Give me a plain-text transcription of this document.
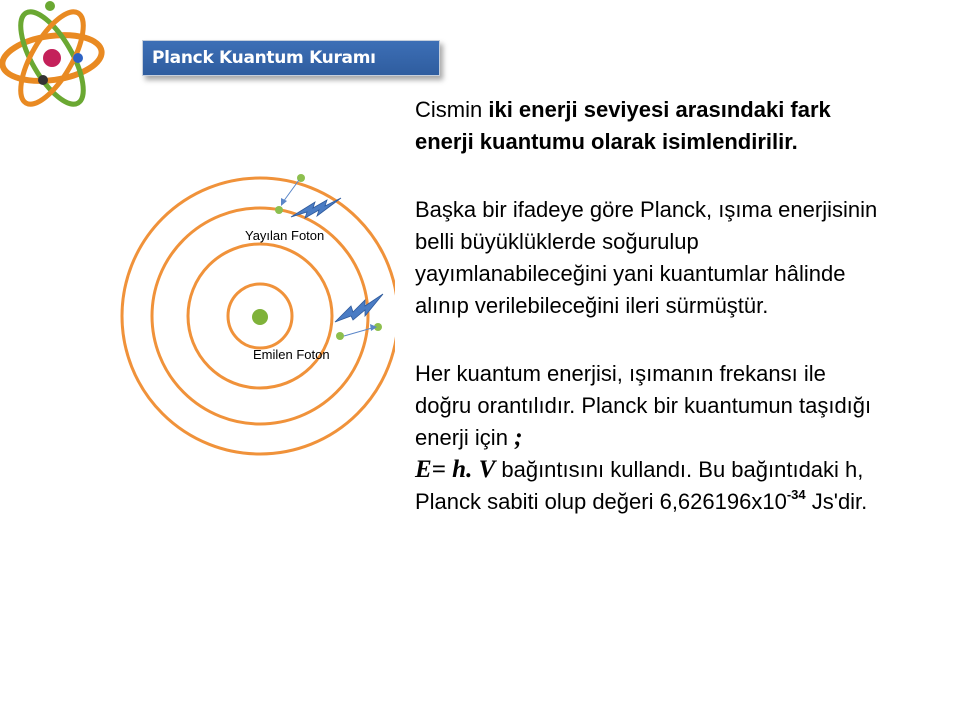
Planck Kuantum Kuramı
Yayılan Foton
Emilen Foton

Cismin iki enerji seviyesi arasındaki fark enerji kuantumu olarak isimlendirilir.

Başka bir ifadeye göre Planck, ışıma enerjisinin belli büyüklüklerde soğurulup yayımlanabileceğini yani kuantumlar hâlinde alınıp verilebileceğini ileri sürmüştür.

Her kuantum enerjisi, ışımanın frekansı ile doğru orantılıdır. Planck bir kuantumun taşıdığı enerji için ;
E= h. V bağıntısını kullandı. Bu bağıntıdaki h, Planck sabiti olup değeri $6,626196x10^{-34}$ Js'dir.
